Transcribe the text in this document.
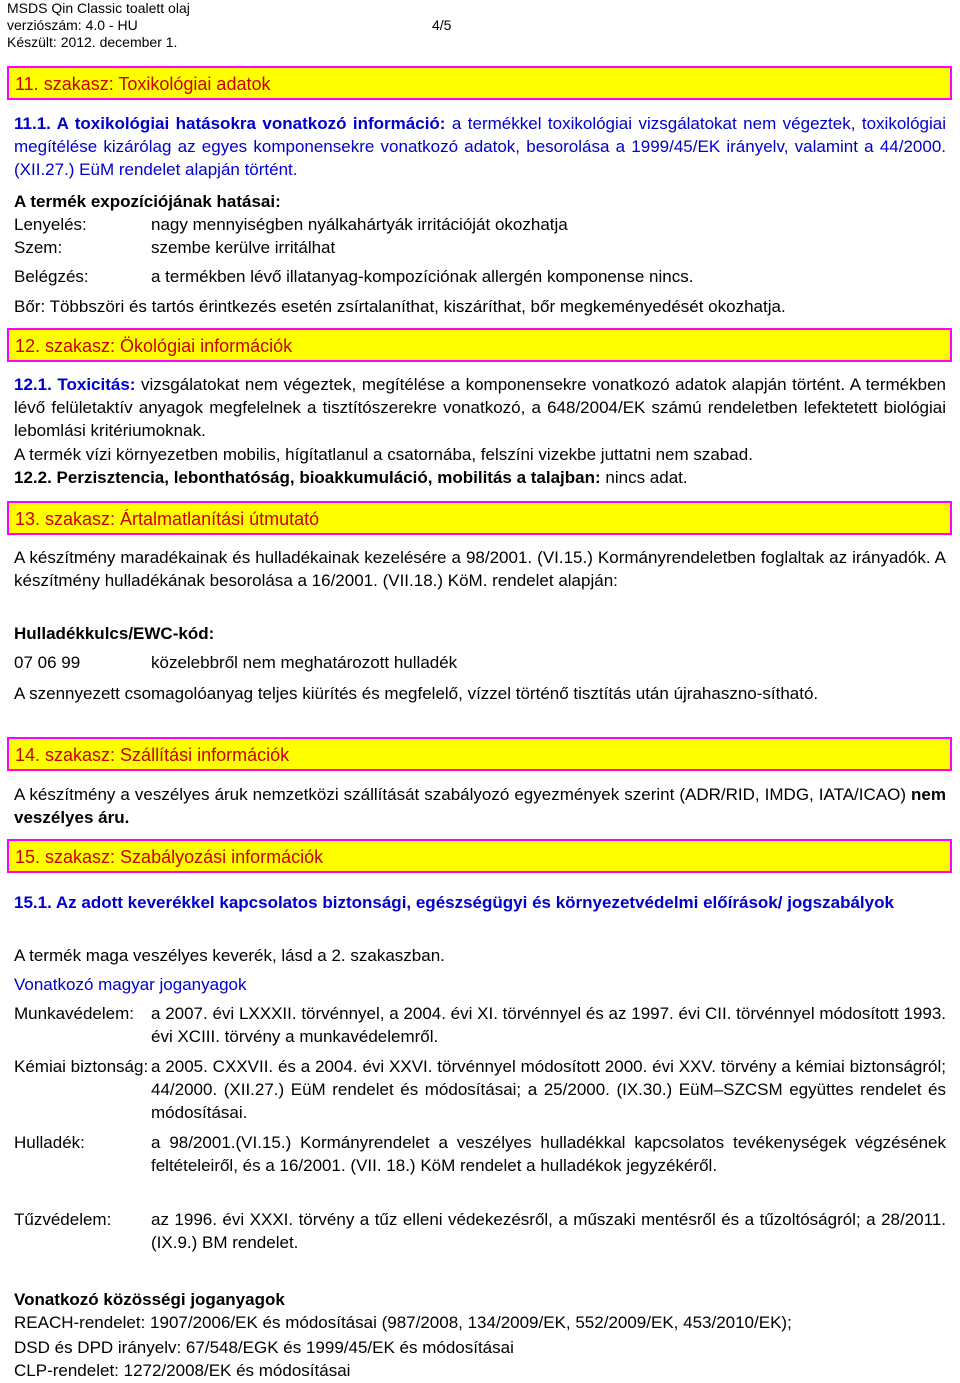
MSDS Qin Classic toalett olaj
verziószám: 4.0 - HU
Készült: 2012. december 1.
4/5
11. szakasz: Toxikológiai adatok

11.1. A toxikológiai hatásokra vonatkozó információ: a termékkel toxikológiai vizsgálatokat nem végeztek, toxikológiai megítélése kizárólag az egyes komponensekre vonatkozó adatok, besorolása a 1999/45/EK irányelv, valamint a 44/2000. (XII.27.) EüM rendelet alapján történt.

A termék expozíciójának hatásai:
Lenyelés:	nagy mennyiségben nyálkahártyák irritációját okozhatja
Szem:	szembe kerülve irritálhat
Belégzés:	a termékben lévő illatanyag-kompozíciónak allergén komponense nincs.
Bőr: Többszöri és tartós érintkezés esetén zsírtalaníthat, kiszáríthat, bőr megkeményedését okozhatja.
12. szakasz: Ökológiai információk

12.1. Toxicitás: vizsgálatokat nem végeztek, megítélése a komponensekre vonatkozó adatok alapján történt. A termékben lévő felületaktív anyagok megfelelnek a tisztítószerekre vonatkozó, a 648/2004/EK számú rendeletben lefektetett biológiai lebomlási kritériumoknak.

A termék vízi környezetben mobilis, hígítatlanul a csatornába, felszíni vizekbe juttatni nem szabad.

12.2. Perzisztencia, lebonthatóság, bioakkumuláció, mobilitás a talajban: nincs adat.

13. szakasz: Ártalmatlanítási útmutató

A készítmény maradékainak és hulladékainak kezelésére a 98/2001. (VI.15.) Kormányrendeletben foglaltak az irányadók. A készítmény hulladékának besorolása a 16/2001. (VII.18.) KöM. rendelet alapján:

Hulladékkulcs/EWC-kód:
07 06 99	közelebbről nem meghatározott hulladék

A szennyezett csomagolóanyag teljes kiürítés és megfelelő, vízzel történő tisztítás után újrahaszno-sítható.

14. szakasz: Szállítási információk

A készítmény a veszélyes áruk nemzetközi szállítását szabályozó egyezmények szerint (ADR/RID, IMDG, IATA/ICAO) nem veszélyes áru.

15. szakasz: Szabályozási információk

15.1. Az adott keverékkel kapcsolatos biztonsági, egészségügyi és környezetvédelmi előírások/ jogszabályok

A termék maga veszélyes keverék, lásd a 2. szakaszban.
Vonatkozó magyar joganyagok
Munkavédelem: a 2007. évi LXXXII. törvénnyel, a 2004. évi XI. törvénnyel és az 1997. évi CII. törvénnyel módosított 1993. évi XCIII. törvény a munkavédelemről.
Kémiai biztonság: a 2005. CXXVII. és a 2004. évi XXVI. törvénnyel módosított 2000. évi XXV. törvény a kémiai biztonságról; 44/2000. (XII.27.) EüM rendelet és módosításai; a 25/2000. (IX.30.) EüM–SZCSM együttes rendelet és módosításai.
Hulladék:	a 98/2001.(VI.15.) Kormányrendelet a veszélyes hulladékkal kapcsolatos tevékenységek végzésének feltételeiről, és a 16/2001. (VII. 18.) KöM rendelet a hulladékok jegyzékéről.
Tűzvédelem: az 1996. évi XXXI. törvény a tűz elleni védekezésről, a műszaki mentésről és a tűzoltóságról; a 28/2011. (IX.9.) BM rendelet.
Vonatkozó közösségi joganyagok
REACH-rendelet: 1907/2006/EK és módosításai (987/2008, 134/2009/EK, 552/2009/EK, 453/2010/EK);
DSD és DPD irányelv: 67/548/EGK és 1999/45/EK és módosításai
CLP-rendelet: 1272/2008/EK és módosításai
